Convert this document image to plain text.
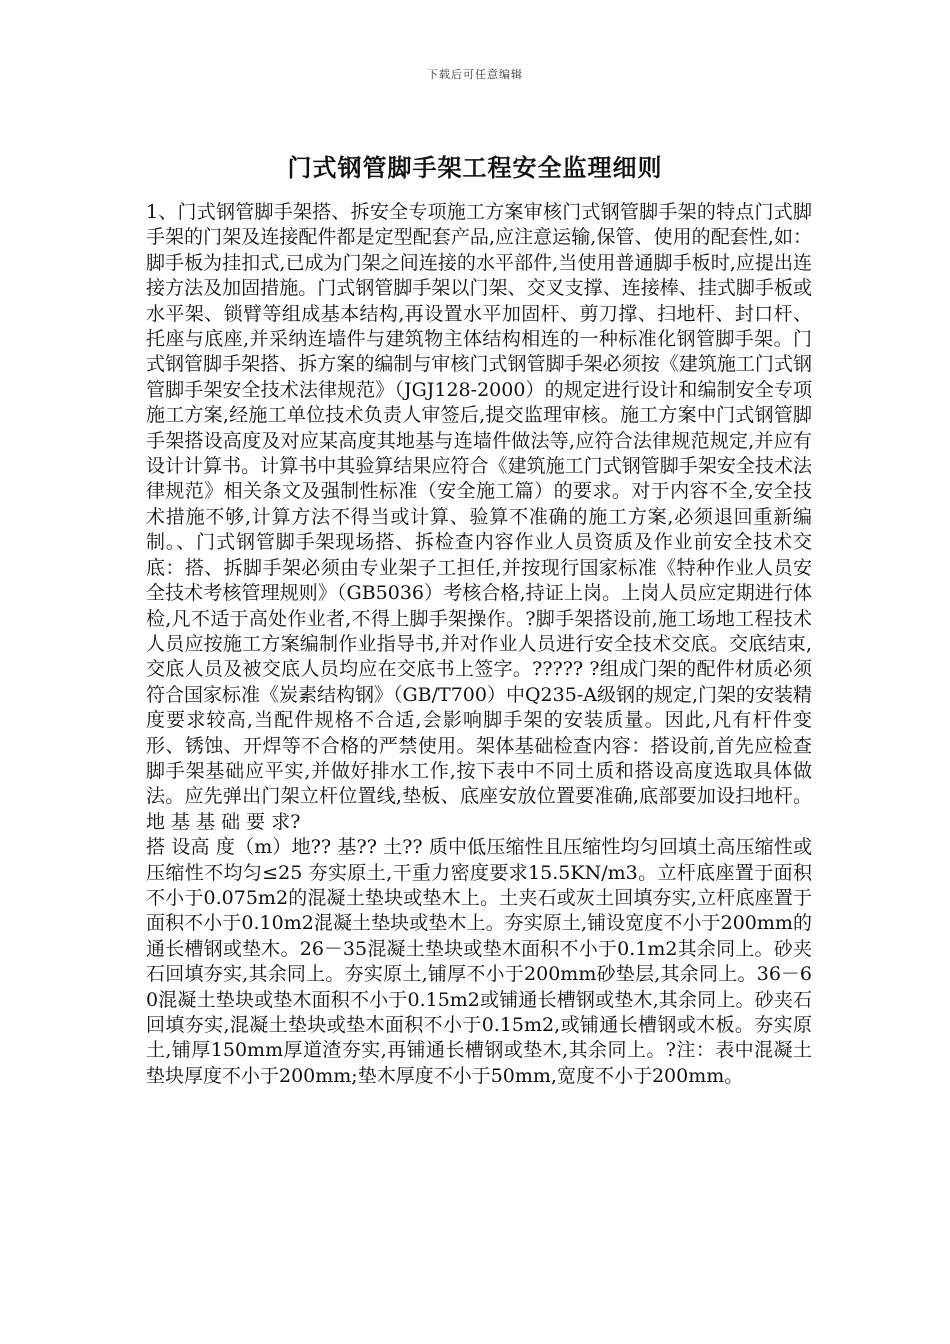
下载后可任意编辑
门式钢管脚手架工程安全监理细则

1、门式钢管脚手架搭、拆安全专项施工方案审核门式钢管脚手架的特点门式脚手架的门架及连接配件都是定型配套产品,应注意运输,保管、使用的配套性,如：脚手板为挂扣式,已成为门架之间连接的水平部件,当使用普通脚手板时,应提出连接方法及加固措施。门式钢管脚手架以门架、交叉支撑、连接棒、挂式脚手板或水平架、锁臂等组成基本结构,再设置水平加固杆、剪刀撑、扫地杆、封口杆、托座与底座,并采纳连墙件与建筑物主体结构相连的一种标准化钢管脚手架。门式钢管脚手架搭、拆方案的编制与审核门式钢管脚手架必须按《建筑施工门式钢管脚手架安全技术法律规范》（JGJ128-2000）的规定进行设计和编制安全专项施工方案,经施工单位技术负责人审签后,提交监理审核。施工方案中门式钢管脚手架搭设高度及对应某高度其地基与连墙件做法等,应符合法律规范规定,并应有设计计算书。计算书中其验算结果应符合《建筑施工门式钢管脚手架安全技术法律规范》相关条文及强制性标准（安全施工篇）的要求。对于内容不全,安全技术措施不够,计算方法不得当或计算、验算不准确的施工方案,必须退回重新编制。、门式钢管脚手架现场搭、拆检查内容作业人员资质及作业前安全技术交底：搭、拆脚手架必须由专业架子工担任,并按现行国家标准《特种作业人员安全技术考核管理规则》（GB5036）考核合格,持证上岗。上岗人员应定期进行体检,凡不适于高处作业者,不得上脚手架操作。?脚手架搭设前,施工场地工程技术人员应按施工方案编制作业指导书,并对作业人员进行安全技术交底。交底结束,交底人员及被交底人员均应在交底书上签字。????? ?组成门架的配件材质必须符合国家标准《炭素结构钢》（GB/T700）中Q235-A级钢的规定,门架的安装精度要求较高,当配件规格不合适,会影响脚手架的安装质量。因此,凡有杆件变 形、锈蚀、开焊等不合格的严禁使用。架体基础检查内容：搭设前,首先应检查脚手架基础应平实,并做好排水工作,按下表中不同土质和搭设高度选取具体做法。应先弹出门架立杆位置线,垫板、底座安放位置要准确,底部要加设扫地杆。地 基 基 础 要 求?

搭 设高 度（m）地?? 基?? 土?? 质中低压缩性且压缩性均匀回填土高压缩性或压缩性不均匀≤25 夯实原土,干重力密度要求15.5KN/m3。立杆底座置于面积不小于0.075m2的混凝土垫块或垫木上。土夹石或灰土回填夯实,立杆底座置于面积不小于0.10m2混凝土垫块或垫木上。夯实原土,铺设宽度不小于200mm的通长槽钢或垫木。26－35混凝土垫块或垫木面积不小于0.1m2其余同上。砂夹石回填夯实,其余同上。夯实原土,铺厚不小于200mm砂垫层,其余同上。36－60混凝土垫块或垫木面积不小于0.15m2或铺通长槽钢或垫木,其余同上。砂夹石回填夯实,混凝土垫块或垫木面积不小于0.15m2,或铺通长槽钢或木板。夯实原土,铺厚150mm厚道渣夯实,再铺通长槽钢或垫木,其余同上。?注：表中混凝土垫块厚度不小于200mm;垫木厚度不小于50mm,宽度不小于200mm。
